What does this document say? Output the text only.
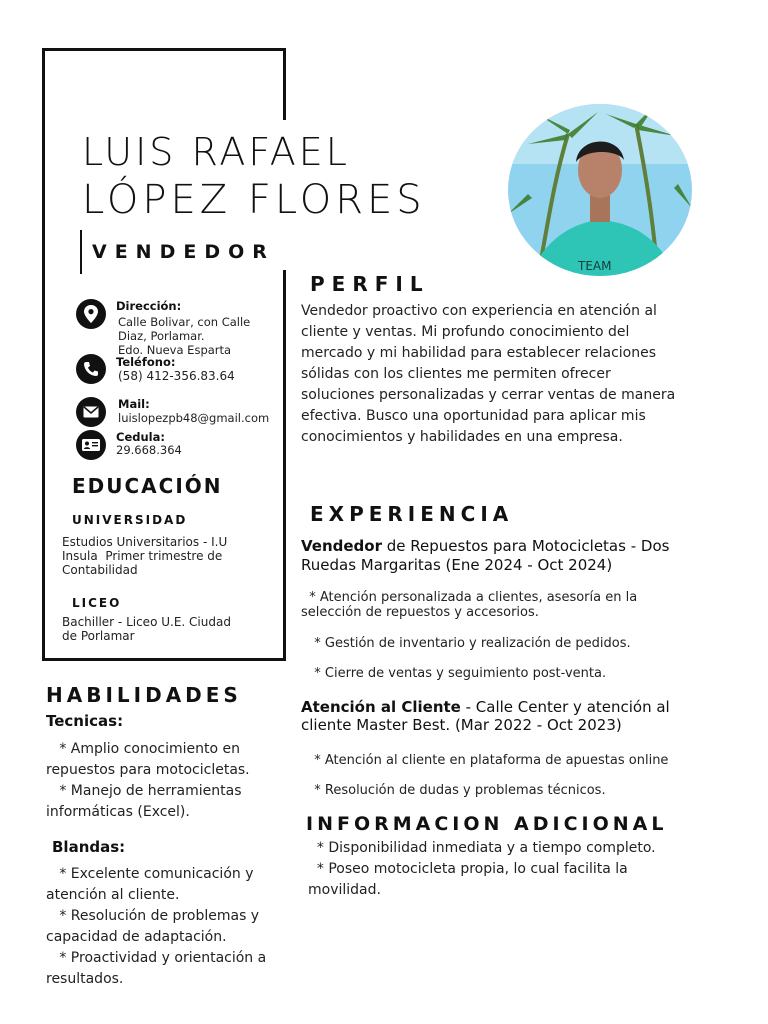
LUIS RAFAEL
LÓPEZ FLORES
VENDEDOR
TEAM
Dirección:
Calle Bolivar, con Calle
Diaz, Porlamar.
Edo. Nueva Esparta
Teléfono:
(58) 412-356.83.64
Mail:
luislopezpb48@gmail.com
Cedula:
29.668.364
EDUCACIÓN
UNIVERSIDAD
Estudios Universitarios - I.U
Insula  Primer trimestre de
Contabilidad
LICEO
Bachiller - Liceo U.E. Ciudad
de Porlamar
HABILIDADES
Tecnicas:
* Amplio conocimiento en
repuestos para motocicletas.
* Manejo de herramientas
informáticas (Excel).
Blandas:
* Excelente comunicación y
atención al cliente.
* Resolución de problemas y
capacidad de adaptación.
* Proactividad y orientación a
resultados.
PERFIL
Vendedor proactivo con experiencia en atención al
cliente y ventas. Mi profundo conocimiento del
mercado y mi habilidad para establecer relaciones
sólidas con los clientes me permiten ofrecer
soluciones personalizadas y cerrar ventas de manera
efectiva. Busco una oportunidad para aplicar mis
conocimientos y habilidades en una empresa.
EXPERIENCIA
Vendedor de Repuestos para Motocicletas - Dos
Ruedas Margaritas (Ene 2024 - Oct 2024)
* Atención personalizada a clientes, asesoría en la
selección de repuestos y accesorios.
* Gestión de inventario y realización de pedidos.
* Cierre de ventas y seguimiento post-venta.
Atención al Cliente - Calle Center y atención al
cliente Master Best. (Mar 2022 - Oct 2023)
* Atención al cliente en plataforma de apuestas online
* Resolución de dudas y problemas técnicos.
INFORMACION ADICIONAL
* Disponibilidad inmediata y a tiempo completo.
* Poseo motocicleta propia, lo cual facilita la
movilidad.
